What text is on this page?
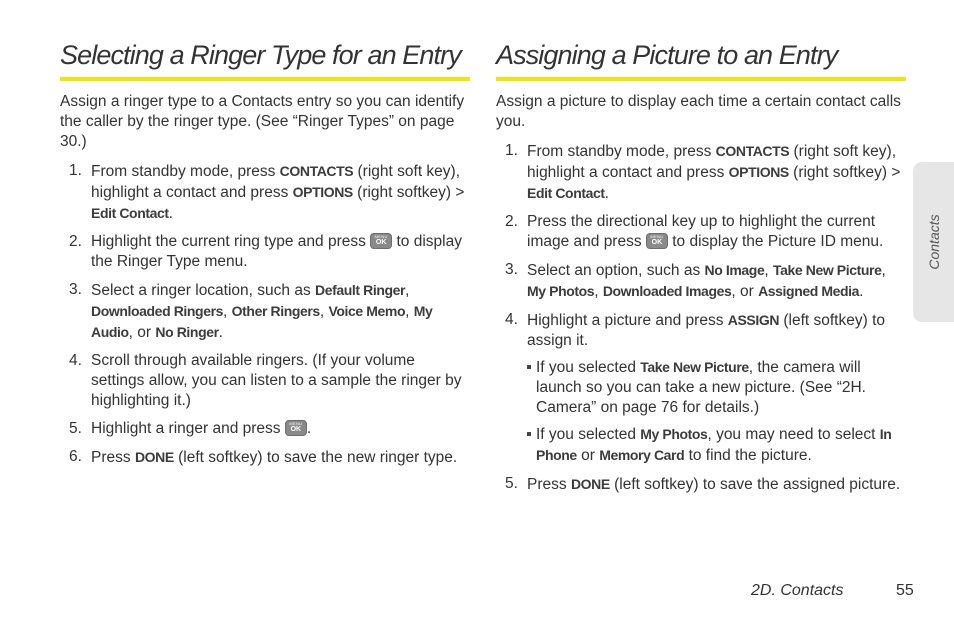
Selecting a Ringer Type for an Entry

Assign a ringer type to a Contacts entry so you can identify the caller by the ringer type. (See “Ringer Types” on page 30.)

1. From standby mode, press CONTACTS (right soft key), highlight a contact and press OPTIONS (right softkey) > Edit Contact.
2. Highlight the current ring type and press	MENU
OK to display the Ringer Type menu.
3. Select a ringer location, such as Default Ringer, Downloaded Ringers, Other Ringers, Voice Memo, My Audio, or No Ringer.
4. Scroll through available ringers. (If your volume settings allow, you can listen to a sample the ringer by highlighting it.)
5. Highlight a ringer and press	MENU
OK .
6. Press DONE (left softkey) to save the new ringer type.
Assigning a Picture to an Entry

Assign a picture to display each time a certain contact calls you.

1. From standby mode, press CONTACTS (right soft key), highlight a contact and press OPTIONS (right softkey) > Edit Contact.
2. Press the directional key up to highlight the current image and press	MENU
OK to display the Picture ID menu.
3. Select an option, such as No Image, Take New Picture, My Photos, Downloaded Images, or Assigned Media.
4. Highlight a picture and press ASSIGN (left softkey) to assign it.
If you selected Take New Picture, the camera will launch so you can take a new picture. (See “2H. Camera” on page 76 for details.)
If you selected My Photos, you may need to select In Phone or Memory Card to find the picture.
5. Press DONE (left softkey) to save the assigned picture.
Contacts
2D. Contacts	55
